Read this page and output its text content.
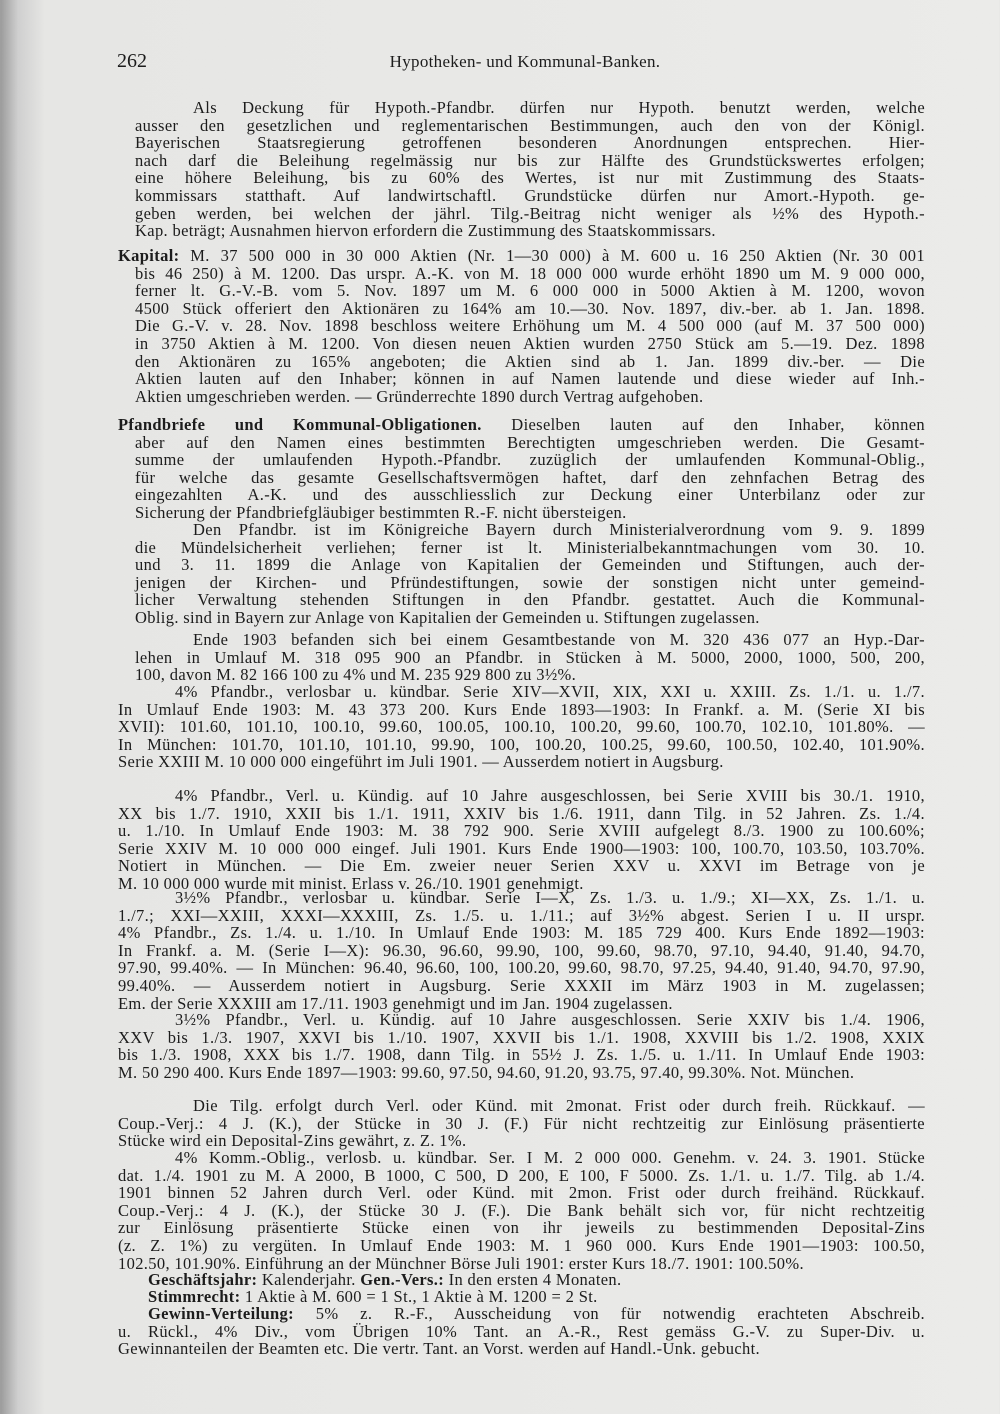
262	Hypotheken- und Kommunal-Banken.
Als Deckung für Hypoth.-Pfandbr. dürfen nur Hypoth. benutzt werden, welche
ausser den gesetzlichen und reglementarischen Bestimmungen, auch den von der Königl.
Bayerischen Staatsregierung getroffenen besonderen Anordnungen entsprechen. Hier-
nach darf die Beleihung regelmässig nur bis zur Hälfte des Grundstückswertes erfolgen;
eine höhere Beleihung, bis zu 60% des Wertes, ist nur mit Zustimmung des Staats-
kommissars statthaft. Auf landwirtschaftl. Grundstücke dürfen nur Amort.-Hypoth. ge-
geben werden, bei welchen der jährl. Tilg.-Beitrag nicht weniger als ½% des Hypoth.-
Kap. beträgt; Ausnahmen hiervon erfordern die Zustimmung des Staatskommissars.
Kapital: M. 37 500 000 in 30 000 Aktien (Nr. 1—30 000) à M. 600 u. 16 250 Aktien (Nr. 30 001
bis 46 250) à M. 1200. Das urspr. A.-K. von M. 18 000 000 wurde erhöht 1890 um M. 9 000 000,
ferner lt. G.-V.-B. vom 5. Nov. 1897 um M. 6 000 000 in 5000 Aktien à M. 1200, wovon
4500 Stück offeriert den Aktionären zu 164% am 10.—30. Nov. 1897, div.-ber. ab 1. Jan. 1898.
Die G.-V. v. 28. Nov. 1898 beschloss weitere Erhöhung um M. 4 500 000 (auf M. 37 500 000)
in 3750 Aktien à M. 1200. Von diesen neuen Aktien wurden 2750 Stück am 5.—19. Dez. 1898
den Aktionären zu 165% angeboten; die Aktien sind ab 1. Jan. 1899 div.-ber. — Die
Aktien lauten auf den Inhaber; können in auf Namen lautende und diese wieder auf Inh.-
Aktien umgeschrieben werden. — Gründerrechte 1890 durch Vertrag aufgehoben.
Pfandbriefe und Kommunal-Obligationen. Dieselben lauten auf den Inhaber, können
aber auf den Namen eines bestimmten Berechtigten umgeschrieben werden. Die Gesamt-
summe der umlaufenden Hypoth.-Pfandbr. zuzüglich der umlaufenden Kommunal-Oblig.,
für welche das gesamte Gesellschaftsvermögen haftet, darf den zehnfachen Betrag des
eingezahlten A.-K. und des ausschliesslich zur Deckung einer Unterbilanz oder zur
Sicherung der Pfandbriefgläubiger bestimmten R.-F. nicht übersteigen.
Den Pfandbr. ist im Königreiche Bayern durch Ministerialverordnung vom 9. 9. 1899
die Mündelsicherheit verliehen; ferner ist lt. Ministerialbekanntmachungen vom 30. 10.
und 3. 11. 1899 die Anlage von Kapitalien der Gemeinden und Stiftungen, auch der-
jenigen der Kirchen- und Pfründestiftungen, sowie der sonstigen nicht unter gemeind-
licher Verwaltung stehenden Stiftungen in den Pfandbr. gestattet. Auch die Kommunal-
Oblig. sind in Bayern zur Anlage von Kapitalien der Gemeinden u. Stiftungen zugelassen.
Ende 1903 befanden sich bei einem Gesamtbestande von M. 320 436 077 an Hyp.-Dar-
lehen in Umlauf M. 318 095 900 an Pfandbr. in Stücken à M. 5000, 2000, 1000, 500, 200,
100, davon M. 82 166 100 zu 4% und M. 235 929 800 zu 3½%.
4% Pfandbr., verlosbar u. kündbar. Serie XIV—XVII, XIX, XXI u. XXIII. Zs. 1./1. u. 1./7.
In Umlauf Ende 1903: M. 43 373 200. Kurs Ende 1893—1903: In Frankf. a. M. (Serie XI bis
XVII): 101.60, 101.10, 100.10, 99.60, 100.05, 100.10, 100.20, 99.60, 100.70, 102.10, 101.80%. —
In München: 101.70, 101.10, 101.10, 99.90, 100, 100.20, 100.25, 99.60, 100.50, 102.40, 101.90%.
Serie XXIII M. 10 000 000 eingeführt im Juli 1901. — Ausserdem notiert in Augsburg.
4% Pfandbr., Verl. u. Kündig. auf 10 Jahre ausgeschlossen, bei Serie XVIII bis 30./1. 1910,
XX bis 1./7. 1910, XXII bis 1./1. 1911, XXIV bis 1./6. 1911, dann Tilg. in 52 Jahren. Zs. 1./4.
u. 1./10. In Umlauf Ende 1903: M. 38 792 900. Serie XVIII aufgelegt 8./3. 1900 zu 100.60%;
Serie XXIV M. 10 000 000 eingef. Juli 1901. Kurs Ende 1900—1903: 100, 100.70, 103.50, 103.70%.
Notiert in München. — Die Em. zweier neuer Serien XXV u. XXVI im Betrage von je
M. 10 000 000 wurde mit minist. Erlass v. 26./10. 1901 genehmigt.
3½% Pfandbr., verlosbar u. kündbar. Serie I—X, Zs. 1./3. u. 1./9.; XI—XX, Zs. 1./1. u.
1./7.; XXI—XXIII, XXXI—XXXIII, Zs. 1./5. u. 1./11.; auf 3½% abgest. Serien I u. II urspr.
4% Pfandbr., Zs. 1./4. u. 1./10. In Umlauf Ende 1903: M. 185 729 400. Kurs Ende 1892—1903:
In Frankf. a. M. (Serie I—X): 96.30, 96.60, 99.90, 100, 99.60, 98.70, 97.10, 94.40, 91.40, 94.70,
97.90, 99.40%. — In München: 96.40, 96.60, 100, 100.20, 99.60, 98.70, 97.25, 94.40, 91.40, 94.70, 97.90,
99.40%. — Ausserdem notiert in Augsburg. Serie XXXII im März 1903 in M. zugelassen;
Em. der Serie XXXIII am 17./11. 1903 genehmigt und im Jan. 1904 zugelassen.
3½% Pfandbr., Verl. u. Kündig. auf 10 Jahre ausgeschlossen. Serie XXIV bis 1./4. 1906,
XXV bis 1./3. 1907, XXVI bis 1./10. 1907, XXVII bis 1./1. 1908, XXVIII bis 1./2. 1908, XXIX
bis 1./3. 1908, XXX bis 1./7. 1908, dann Tilg. in 55½ J. Zs. 1./5. u. 1./11. In Umlauf Ende 1903:
M. 50 290 400. Kurs Ende 1897—1903: 99.60, 97.50, 94.60, 91.20, 93.75, 97.40, 99.30%. Not. München.
Die Tilg. erfolgt durch Verl. oder Künd. mit 2monat. Frist oder durch freih. Rückkauf. —
Coup.-Verj.: 4 J. (K.), der Stücke in 30 J. (F.) Für nicht rechtzeitig zur Einlösung präsentierte
Stücke wird ein Deposital-Zins gewährt, z. Z. 1%.
4% Komm.-Oblig., verlosb. u. kündbar. Ser. I M. 2 000 000. Genehm. v. 24. 3. 1901. Stücke
dat. 1./4. 1901 zu M. A 2000, B 1000, C 500, D 200, E 100, F 5000. Zs. 1./1. u. 1./7. Tilg. ab 1./4.
1901 binnen 52 Jahren durch Verl. oder Künd. mit 2mon. Frist oder durch freihänd. Rückkauf.
Coup.-Verj.: 4 J. (K.), der Stücke 30 J. (F.). Die Bank behält sich vor, für nicht rechtzeitig
zur Einlösung präsentierte Stücke einen von ihr jeweils zu bestimmenden Deposital-Zins
(z. Z. 1%) zu vergüten. In Umlauf Ende 1903: M. 1 960 000. Kurs Ende 1901—1903: 100.50,
102.50, 101.90%. Einführung an der Münchner Börse Juli 1901: erster Kurs 18./7. 1901: 100.50%.
Geschäftsjahr: Kalenderjahr. Gen.-Vers.: In den ersten 4 Monaten.
Stimmrecht: 1 Aktie à M. 600 = 1 St., 1 Aktie à M. 1200 = 2 St.
Gewinn-Verteilung: 5% z. R.-F., Ausscheidung von für notwendig erachteten Abschreib.
u. Rückl., 4% Div., vom Übrigen 10% Tant. an A.-R., Rest gemäss G.-V. zu Super-Div. u.
Gewinnanteilen der Beamten etc. Die vertr. Tant. an Vorst. werden auf Handl.-Unk. gebucht.
